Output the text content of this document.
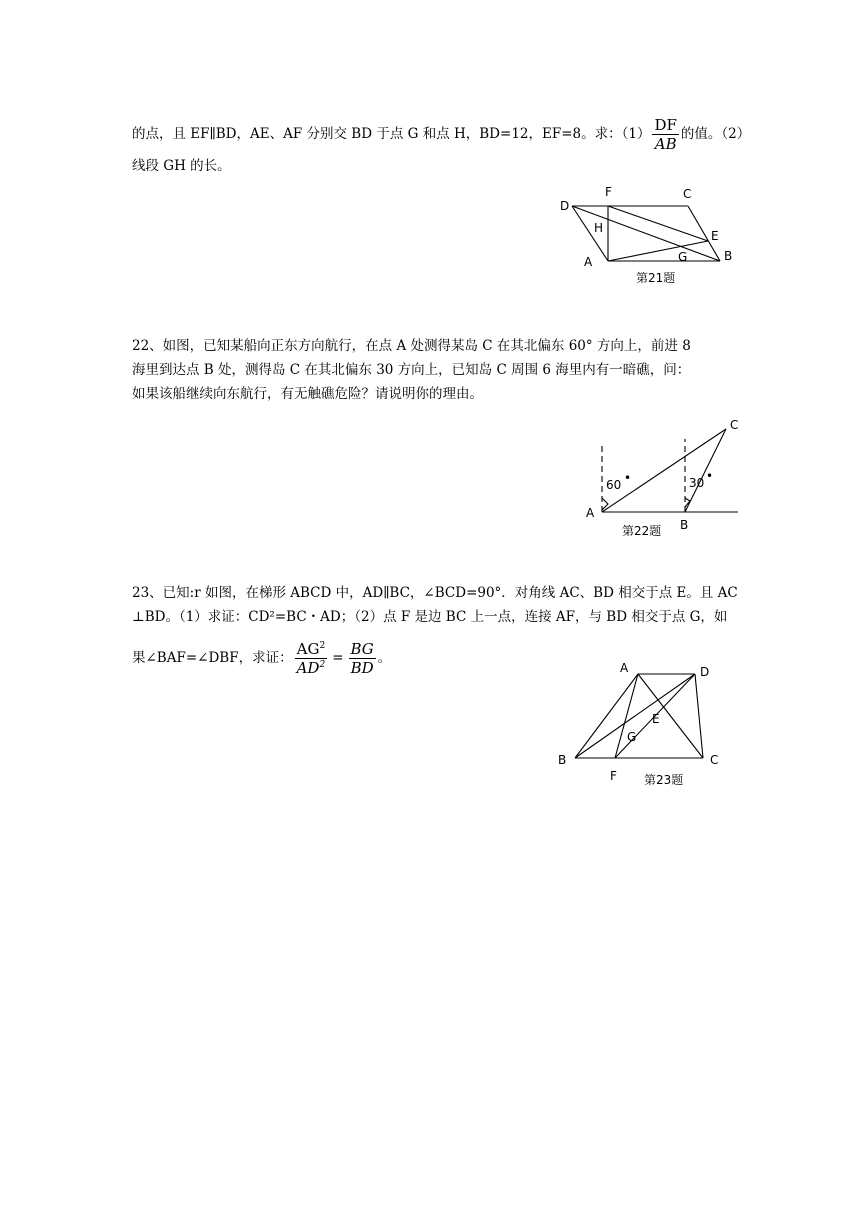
的点，且 EF∥BD，AE、AF 分别交 BD 于点 G 和点 H，BD=12，EF=8。求：$(1) \frac{DF}{AB}$ 的值。（2）
线段 GH 的长。
D
F	C
H
E
A	G	B
第21题
22、如图，已知某船向正东方向航行，在点 A 处测得某岛 C 在其北偏东 60° 方向上，前进 8
海里到达点 B 处，测得岛 C 在其北偏东 30 方向上，已知岛 C 周围 6 海里内有一暗礁，问：
如果该船继续向东航行，有无触礁危险？请说明你的理由。
60 •	30 •
A
B
C
第22题
23、已知:r 如图，在梯形 ABCD 中，AD∥BC，∠BCD=90°．对角线 AC、BD 相交于点 E。且 AC
⊥BD。（1）求证：CD²=BC・AD；（2）点 F 是边 BC 上一点，连接 AF，与 BD 相交于点 G，如
果∠BAF=∠DBF，求证： $\frac{AG^2}{AD^2} = \frac{BG}{BD}$ 。
A	D
E
G
B	C
F 第23题
